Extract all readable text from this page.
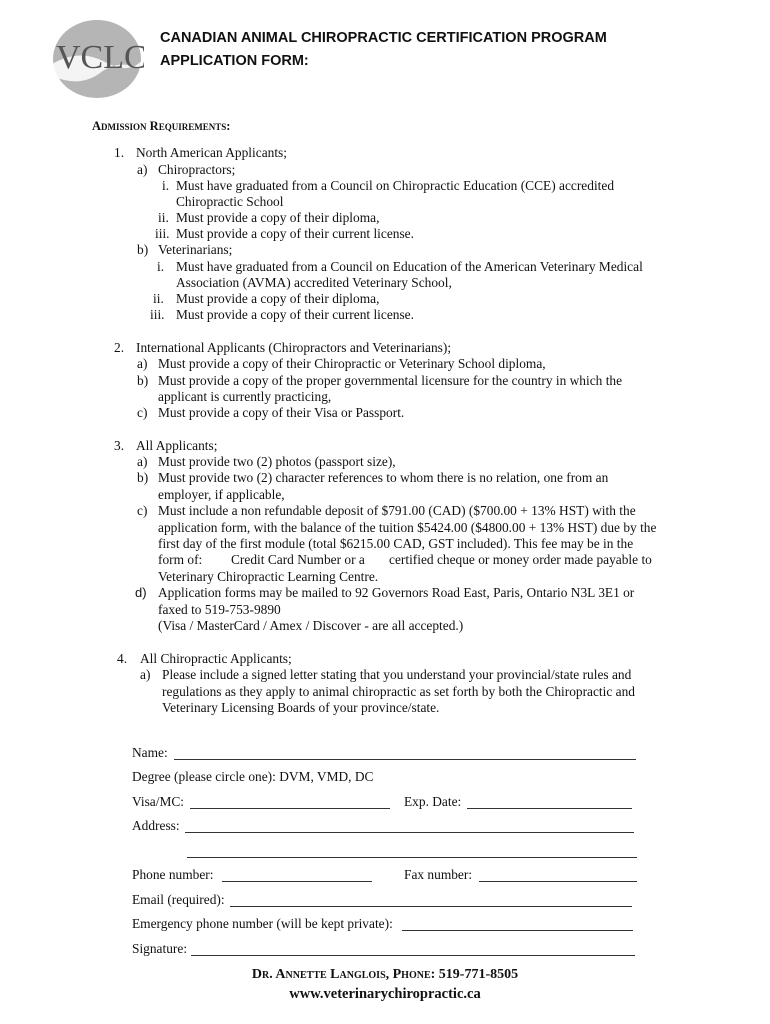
VCLC
CANADIAN ANIMAL CHIROPRACTIC CERTIFICATION PROGRAM
APPLICATION FORM:
Admission Requirements:
1. North American Applicants;
a) Chiropractors;
i. Must have graduated from a Council on Chiropractic Education (CCE) accredited
Chiropractic School
ii. Must provide a copy of their diploma,
iii. Must provide a copy of their current license.
b) Veterinarians;
i. Must have graduated from a Council on Education of the American Veterinary Medical
Association (AVMA) accredited Veterinary School,
ii. Must provide a copy of their diploma,
iii. Must provide a copy of their current license.
2. International Applicants (Chiropractors and Veterinarians);
a) Must provide a copy of their Chiropractic or Veterinary School diploma,
b) Must provide a copy of the proper governmental licensure for the country in which the
applicant is currently practicing,
c) Must provide a copy of their Visa or Passport.
3. All Applicants;
a) Must provide two (2) photos (passport size),
b) Must provide two (2) character references to whom there is no relation, one from an
employer, if applicable,
c) Must include a non refundable deposit of $791.00 (CAD) ($700.00 + 13% HST) with the
application form, with the balance of the tuition $5424.00 ($4800.00 + 13% HST) due by the
first day of the first module (total $6215.00 CAD, GST included). This fee may be in the
form of: Credit Card Number or a certified cheque or money order made payable to
Veterinary Chiropractic Learning Centre.
d) Application forms may be mailed to 92 Governors Road East, Paris, Ontario N3L 3E1 or
faxed to 519-753-9890
(Visa / MasterCard / Amex / Discover - are all accepted.)
4. All Chiropractic Applicants;
a) Please include a signed letter stating that you understand your provincial/state rules and
regulations as they apply to animal chiropractic as set forth by both the Chiropractic and
Veterinary Licensing Boards of your province/state.
Name:
Degree (please circle one): DVM, VMD, DC
Visa/MC:	Exp. Date:
Address:
Phone number:	Fax number:
Email (required):
Emergency phone number (will be kept private):
Signature:
Dr. Annette Langlois, Phone: 519-771-8505
www.veterinarychiropractic.ca
